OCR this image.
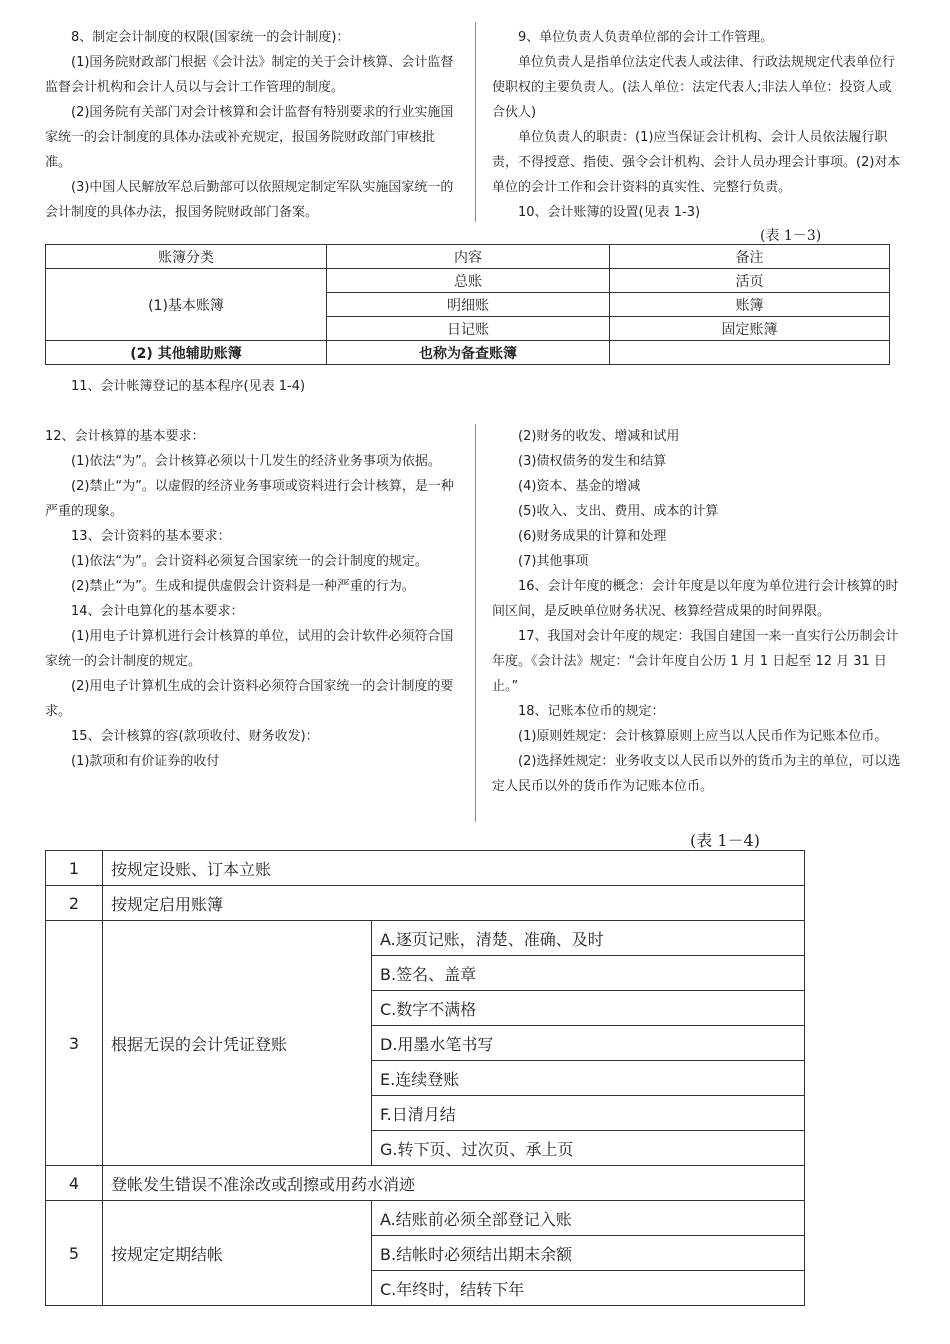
8、制定会计制度的权限(国家统一的会计制度)：

(1)国务院财政部门根据《会计法》制定的关于会计核算、会计监督监督会计机构和会计人员以与会计工作管理的制度。

(2)国务院有关部门对会计核算和会计监督有特别要求的行业实施国家统一的会计制度的具体办法或补充规定，报国务院财政部门审核批准。

(3)中国人民解放军总后勤部可以依照规定制定军队实施国家统一的会计制度的具体办法，报国务院财政部门备案。

9、单位负责人负责单位部的会计工作管理。

单位负责人是指单位法定代表人或法律、行政法规规定代表单位行使职权的主要负责人。(法人单位：法定代表人;非法人单位：投资人或合伙人)

单位负责人的职责：(1)应当保证会计机构、会计人员依法履行职责，不得授意、指使、强令会计机构、会计人员办理会计事项。(2)对本单位的会计工作和会计资料的真实性、完整行负责。

10、会计账簿的设置(见表 1-3)

(表 1－3)
账簿分类	内容	备注
(1)基本账簿	总账	活页
	明细账	账簿
	日记账	固定账簿
(2) 其他辅助账簿	也称为备查账簿	

11、会计帐簿登记的基本程序(见表 1-4)

12、会计核算的基本要求：

(1)依法“为”。会计核算必须以十几发生的经济业务事项为依据。

(2)禁止“为”。以虚假的经济业务事项或资料进行会计核算，是一种严重的现象。

13、会计资料的基本要求：

(1)依法“为”。会计资料必须复合国家统一的会计制度的规定。

(2)禁止“为”。生成和提供虚假会计资料是一种严重的行为。

14、会计电算化的基本要求：

(1)用电子计算机进行会计核算的单位，试用的会计软件必须符合国家统一的会计制度的规定。

(2)用电子计算机生成的会计资料必须符合国家统一的会计制度的要求。

15、会计核算的容(款项收付、财务收发)：

(1)款项和有价证券的收付

(2)财务的收发、增减和试用

(3)债权债务的发生和结算

(4)资本、基金的增减

(5)收入、支出、费用、成本的计算

(6)财务成果的计算和处理

(7)其他事项

16、会计年度的概念：会计年度是以年度为单位进行会计核算的时间区间，是反映单位财务状况、核算经营成果的时间界限。

17、我国对会计年度的规定：我国自建国一来一直实行公历制会计年度。《会计法》规定：“会计年度自公历 1 月 1 日起至 12 月 31 日止。”

18、记账本位币的规定：

(1)原则姓规定：会计核算原则上应当以人民币作为记账本位币。

(2)选择姓规定：业务收支以人民币以外的货币为主的单位，可以选定人民币以外的货币作为记账本位币。

(表 1－4)
1	按规定设账、订本立账	
2	按规定启用账簿	
3	根据无误的会计凭证登账	A.逐页记账，清楚、准确、及时
		B.签名、盖章
		C.数字不满格
		D.用墨水笔书写
		E.连续登账
		F.日清月结
		G.转下页、过次页、承上页
4	登帐发生错误不准涂改或刮擦或用药水消迹	
5	按规定定期结帐	A.结账前必须全部登记入账
		B.结帐时必须结出期末余额
		C.年终时，结转下年
